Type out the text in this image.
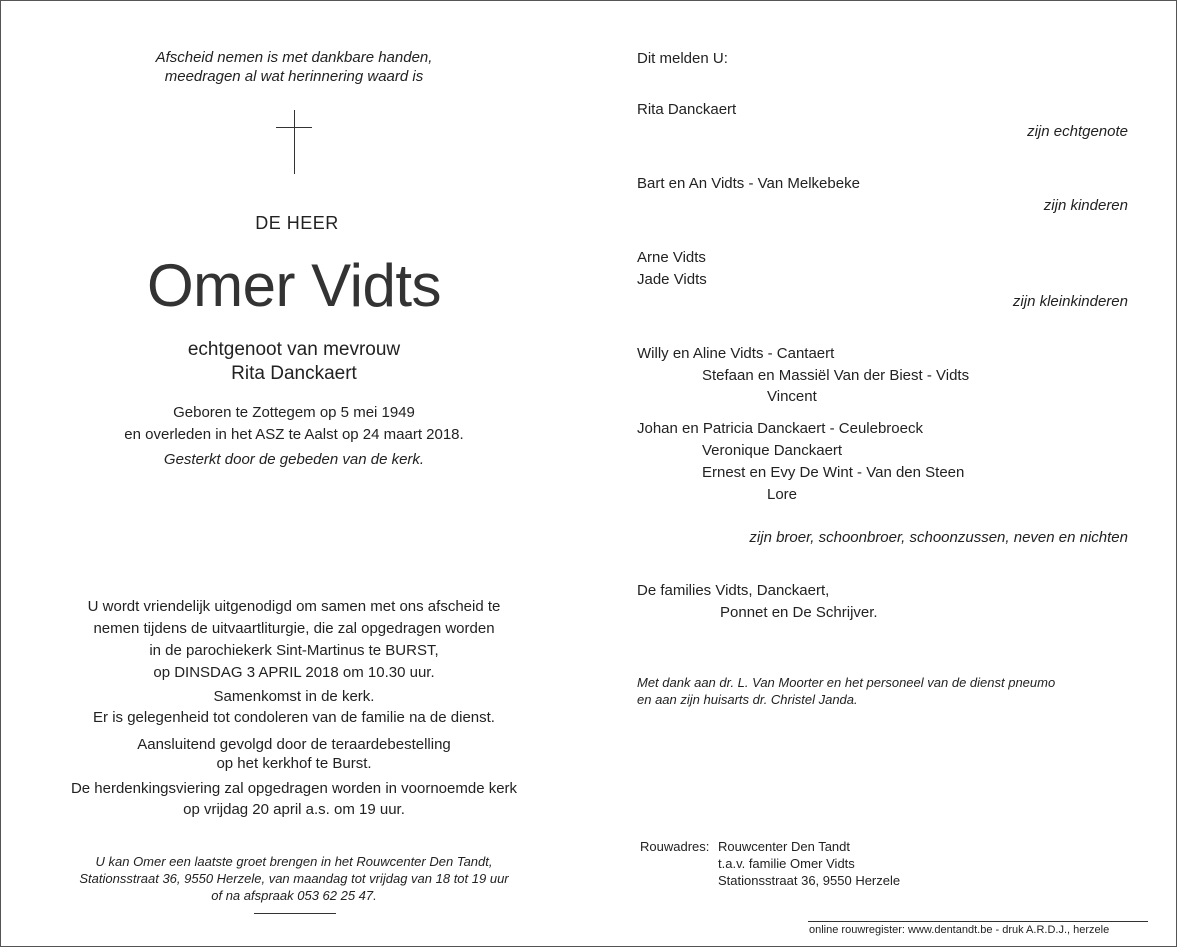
Afscheid nemen is met dankbare handen,
meedragen al wat herinnering waard is
DE HEER
Omer Vidts
echtgenoot van mevrouw
Rita Danckaert
Geboren te Zottegem op 5 mei 1949
en overleden in het ASZ te Aalst op 24 maart 2018.
Gesterkt door de gebeden van de kerk.
U wordt vriendelijk uitgenodigd om samen met ons afscheid te
nemen tijdens de uitvaartliturgie, die zal opgedragen worden
in de parochiekerk Sint-Martinus te BURST,
op DINSDAG 3 APRIL 2018 om 10.30 uur.
Samenkomst in de kerk.
Er is gelegenheid tot condoleren van de familie na de dienst.
Aansluitend gevolgd door de teraardebestelling
op het kerkhof te Burst.
De herdenkingsviering zal opgedragen worden in voornoemde kerk
op vrijdag 20 april a.s. om 19 uur.
U kan Omer een laatste groet brengen in het Rouwcenter Den Tandt,
Stationsstraat 36, 9550 Herzele, van maandag tot vrijdag van 18 tot 19 uur
of na afspraak 053 62 25 47.
Dit melden U:
Rita Danckaert
zijn echtgenote
Bart en An Vidts - Van Melkebeke
zijn kinderen
Arne Vidts
Jade Vidts
zijn kleinkinderen
Willy en Aline Vidts - Cantaert
Stefaan en Massiël Van der Biest - Vidts
Vincent
Johan en Patricia Danckaert - Ceulebroeck
Veronique Danckaert
Ernest en Evy De Wint - Van den Steen
Lore
zijn broer, schoonbroer, schoonzussen, neven en nichten
De families Vidts, Danckaert,
Ponnet en De Schrijver.
Met dank aan dr. L. Van Moorter en het personeel van de dienst pneumo
en aan zijn huisarts dr. Christel Janda.
Rouwadres: Rouwcenter Den Tandt
t.a.v. familie Omer Vidts
Stationsstraat 36, 9550 Herzele
online rouwregister: www.dentandt.be - druk A.R.D.J., herzele
